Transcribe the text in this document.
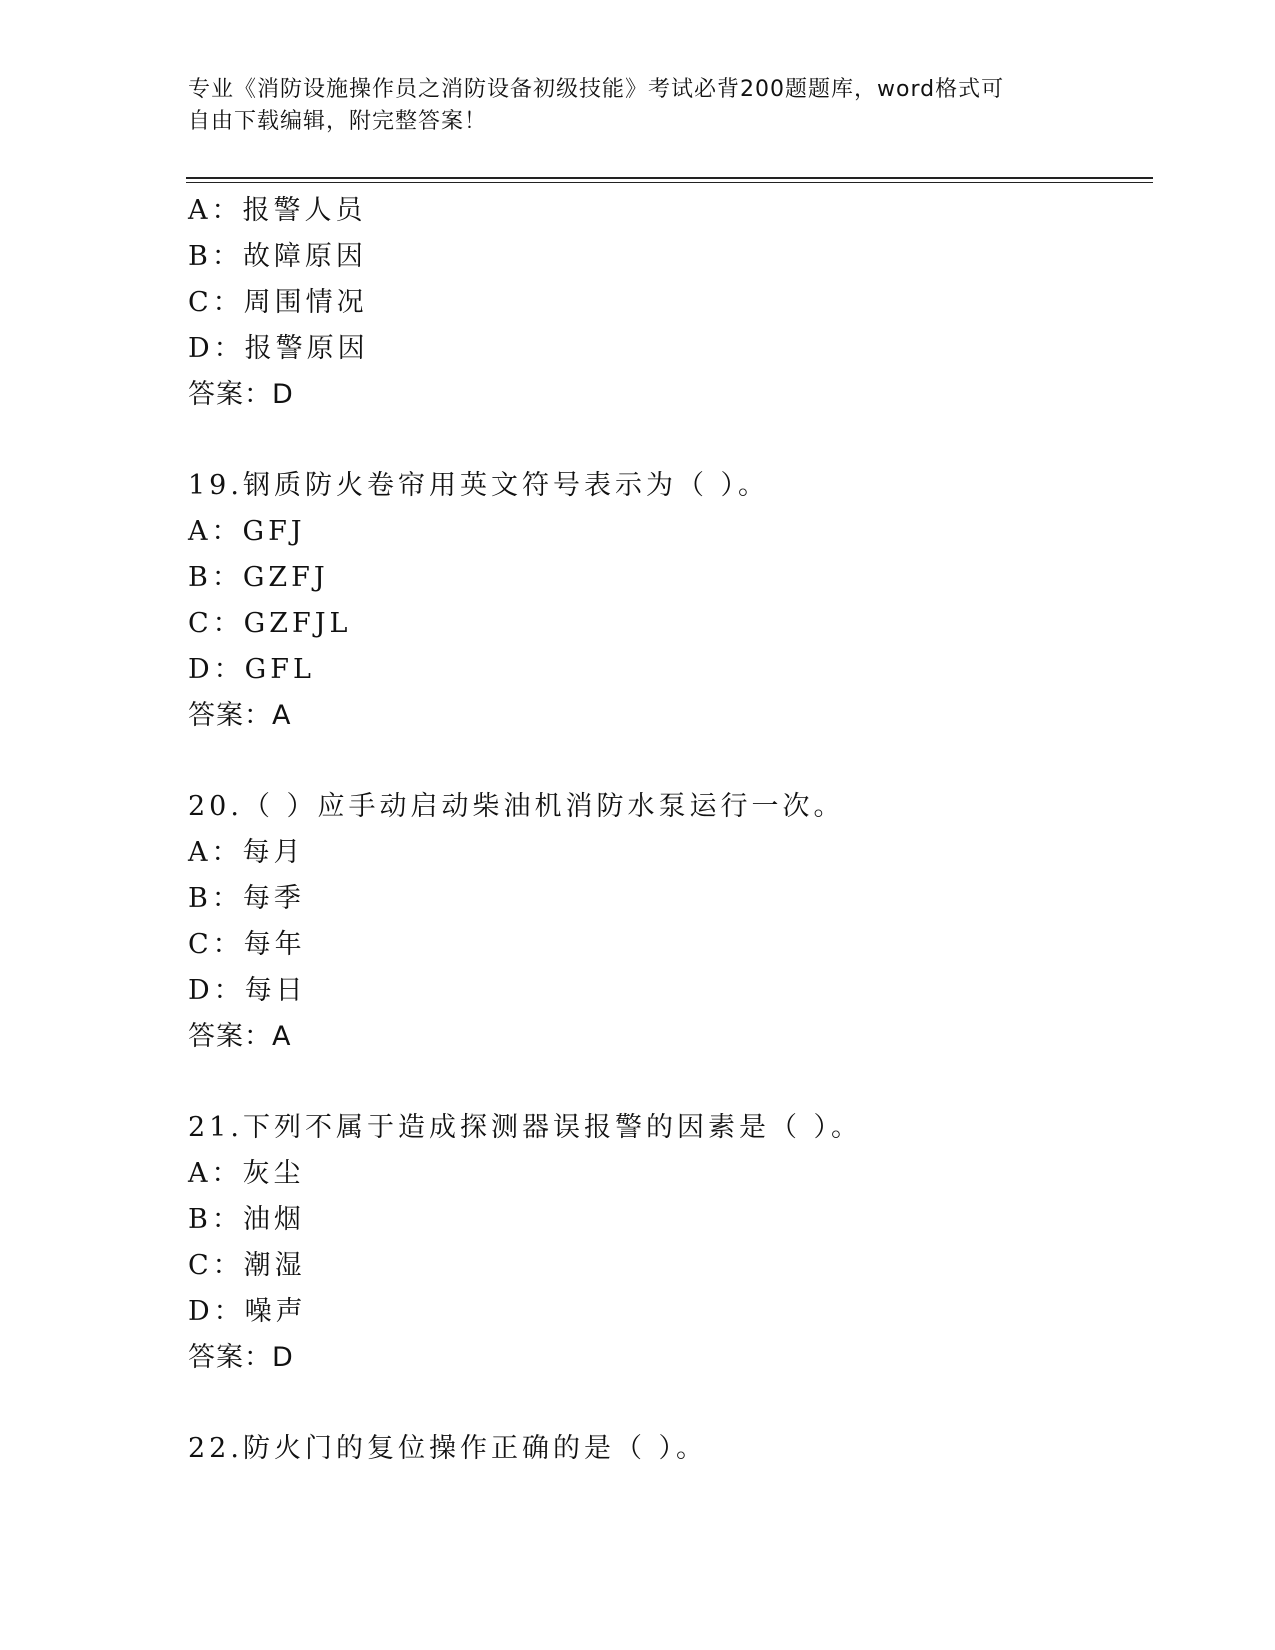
专业《消防设施操作员之消防设备初级技能》考试必背200题题库，word格式可
自由下载编辑，附完整答案！
A：报警人员
B：故障原因
C：周围情况
D：报警原因
答案：D
19.钢质防火卷帘用英文符号表示为（ ）。
A：GFJ
B：GZFJ
C：GZFJL
D：GFL
答案：A
20.（ ）应手动启动柴油机消防水泵运行一次。
A：每月
B：每季
C：每年
D：每日
答案：A
21.下列不属于造成探测器误报警的因素是（ ）。
A：灰尘
B：油烟
C：潮湿
D：噪声
答案：D
22.防火门的复位操作正确的是（ ）。
